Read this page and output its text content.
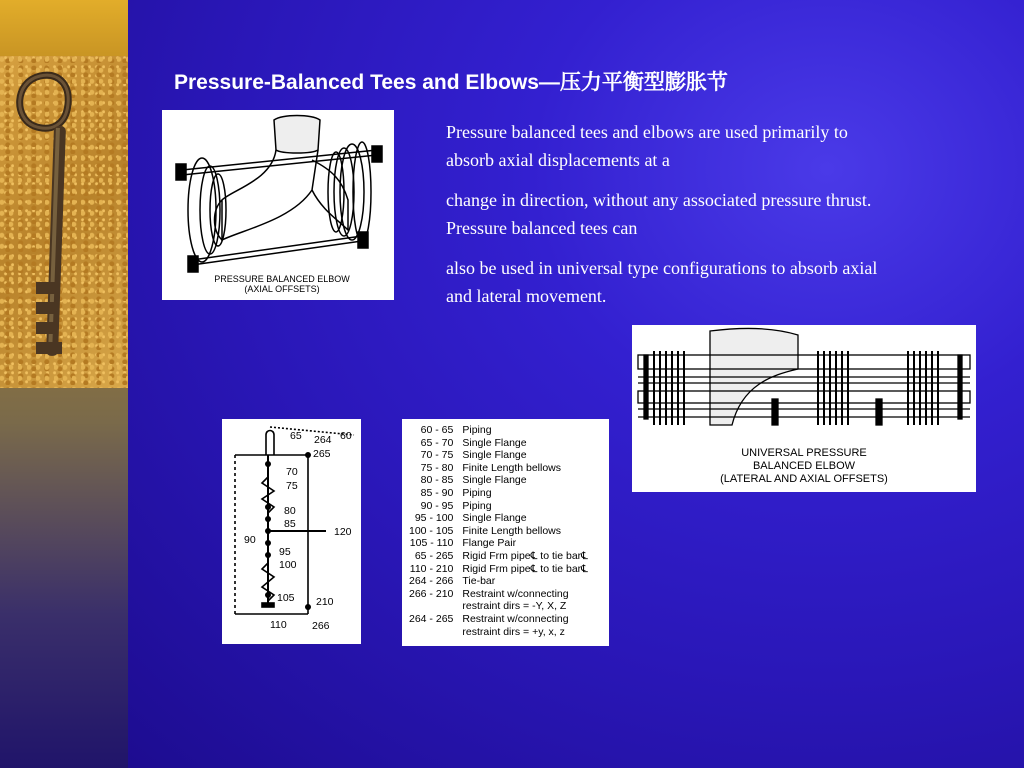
Pressure-Balanced Tees and Elbows—压力平衡型膨胀节

Pressure balanced tees and elbows are used primarily to absorb axial displacements at a

change in direction, without any associated pressure thrust. Pressure balanced tees can

also be used in universal type configurations to absorb axial and lateral movement.

PRESSURE BALANCED ELBOW
(AXIAL OFFSETS)
UNIVERSAL PRESSURE
BALANCED ELBOW
(LATERAL AND AXIAL OFFSETS)
65 264 60
265
70
75
80
85
120
90
95
100
105 210
110 266
60 - 65	Piping
65 - 70	Single Flange
70 - 75	Single Flange
75 - 80	Finite Length bellows
80 - 85	Single Flange
85 - 90	Piping
90 - 95	Piping
95 - 100	Single Flange
100 - 105	Finite Length bellows
105 - 110	Flange Pair
65 - 265	Rigid Frm pipe℄ to tie bar℄
110 - 210	Rigid Frm pipe℄ to tie bar℄
264 - 266	Tie-bar
266 - 210	Restraint w/connecting
	restraint dirs = -Y, X, Z
264 - 265	Restraint w/connecting
	restraint dirs = +y, x, z
